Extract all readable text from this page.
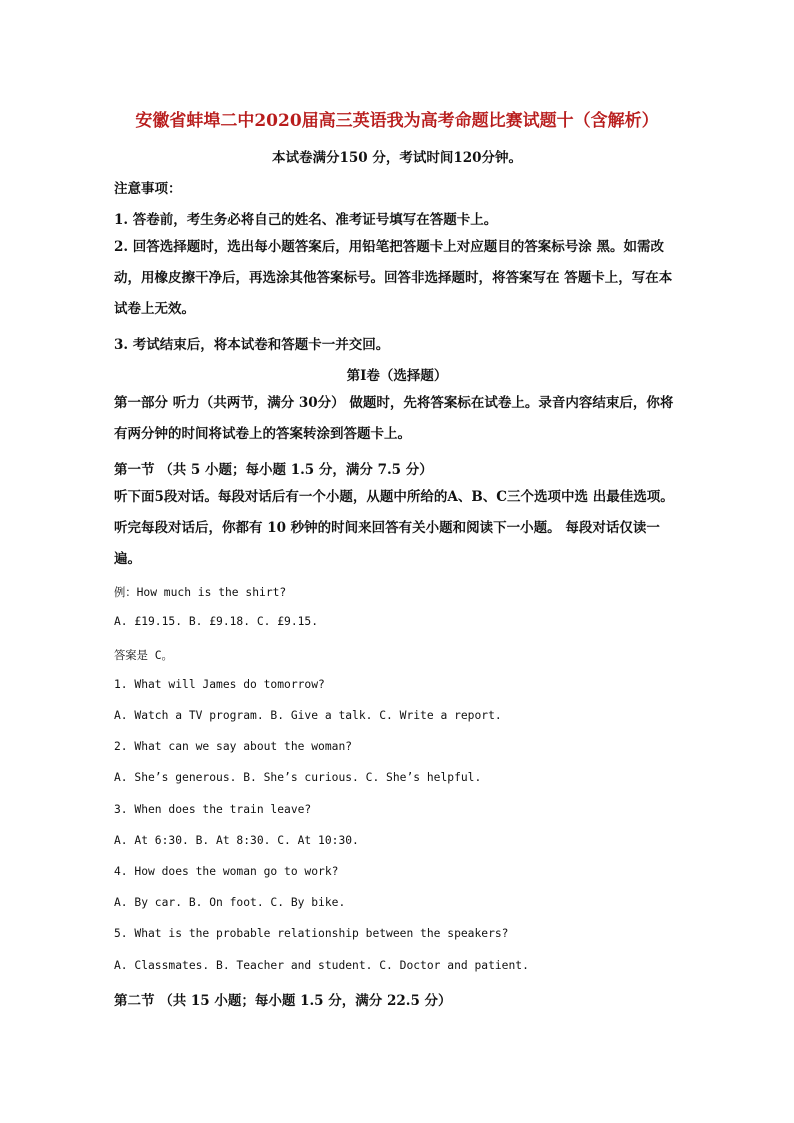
安徽省蚌埠二中2020届高三英语我为高考命题比赛试题十（含解析）
本试卷满分150 分，考试时间120分钟。
注意事项：
1. 答卷前，考生务必将自己的姓名、准考证号填写在答题卡上。
2. 回答选择题时，选出每小题答案后，用铅笔把答题卡上对应题目的答案标号涂 黑。如需改动，用橡皮擦干净后，再选涂其他答案标号。回答非选择题时，将答案写在 答题卡上，写在本试卷上无效。
3. 考试结束后，将本试卷和答题卡一并交回。
第Ⅰ卷（选择题）
第一部分 听力（共两节，满分 30分） 做题时，先将答案标在试卷上。录音内容结束后，你将有两分钟的时间将试卷上的答案转涂到答题卡上。
第一节 （共 5 小题；每小题 1.5 分，满分 7.5 分）
听下面5段对话。每段对话后有一个小题，从题中所给的A、B、C三个选项中选 出最佳选项。听完每段对话后，你都有 10 秒钟的时间来回答有关小题和阅读下一小题。 每段对话仅读一遍。
例：How much is the shirt?
A. £19.15. B. £9.18. C. £9.15.
答案是 C。
1. What will James do tomorrow?
A. Watch a TV program. B. Give a talk. C. Write a report.
2. What can we say about the woman?
A. She’s generous. B. She’s curious. C. She’s helpful.
3. When does the train leave?
A. At 6:30. B. At 8:30. C. At 10:30.
4. How does the woman go to work?
A. By car. B. On foot. C. By bike.
5. What is the probable relationship between the speakers?
A. Classmates. B. Teacher and student. C. Doctor and patient.
第二节 （共 15 小题；每小题 1.5 分，满分 22.5 分）
